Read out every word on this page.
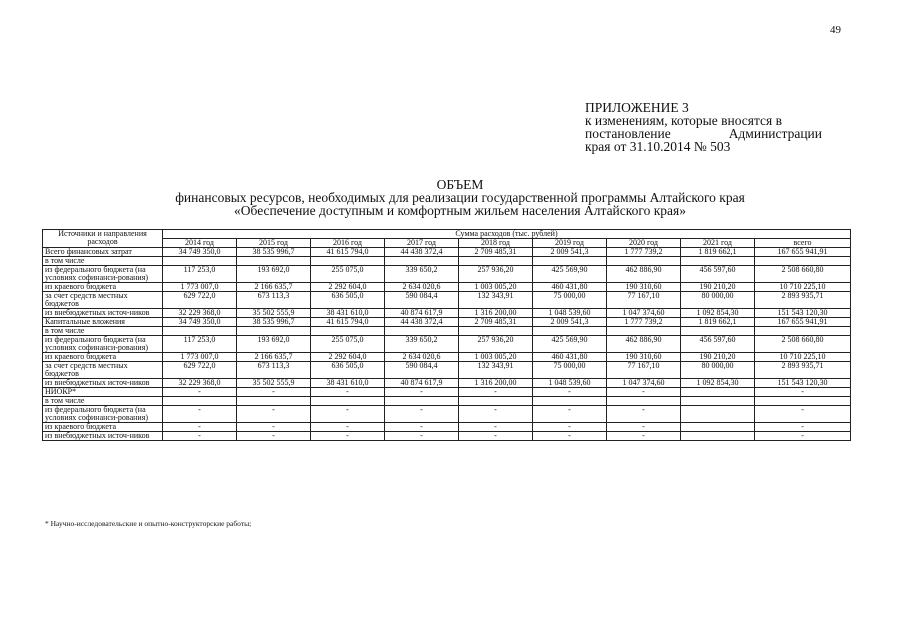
49
ПРИЛОЖЕНИЕ 3
к изменениям, которые вносятся в
постановление	Администрации
края от 31.10.2014 № 503
ОБЪЕМ
финансовых ресурсов, необходимых для реализации государственной программы Алтайского края
«Обеспечение доступным и комфортным жильем населения Алтайского края»
Источники и направления расходов	Сумма расходов (тыс. рублей)								
	2014 год	2015 год	2016 год	2017 год	2018 год	2019 год	2020 год	2021 год	всего
Всего финансовых затрат	34 749 350,0	38 535 996,7	41 615 794,0	44 438 372,4	2 709 485,31	2 009 541,3	1 777 739,2	1 819 662,1	167 655 941,91
в том числе									
из федерального бюджета (на условиях софинанси-рования)	117 253,0	193 692,0	255 075,0	339 650,2	257 936,20	425 569,90	462 886,90	456 597,60	2 508 660,80
из краевого бюджета	1 773 007,0	2 166 635,7	2 292 604,0	2 634 020,6	1 003 005,20	460 431,80	190 310,60	190 210,20	10 710 225,10
за счет средств местных бюджетов	629 722,0	673 113,3	636 505,0	590 084,4	132 343,91	75 000,00	77 167,10	80 000,00	2 893 935,71
из внебюджетных источ-ников	32 229 368,0	35 502 555,9	38 431 610,0	40 874 617,9	1 316 200,00	1 048 539,60	1 047 374,60	1 092 854,30	151 543 120,30
Капитальные вложения	34 749 350,0	38 535 996,7	41 615 794,0	44 438 372,4	2 709 485,31	2 009 541,3	1 777 739,2	1 819 662,1	167 655 941,91
в том числе									
из федерального бюджета (на условиях софинанси-рования)	117 253,0	193 692,0	255 075,0	339 650,2	257 936,20	425 569,90	462 886,90	456 597,60	2 508 660,80
из краевого бюджета	1 773 007,0	2 166 635,7	2 292 604,0	2 634 020,6	1 003 005,20	460 431,80	190 310,60	190 210,20	10 710 225,10
за счет средств местных бюджетов	629 722,0	673 113,3	636 505,0	590 084,4	132 343,91	75 000,00	77 167,10	80 000,00	2 893 935,71
из внебюджетных источ-ников	32 229 368,0	35 502 555,9	38 431 610,0	40 874 617,9	1 316 200,00	1 048 539,60	1 047 374,60	1 092 854,30	151 543 120,30
НИОКР*	-	-	-	-	-	-	-		-
в том числе									
из федерального бюджета (на условиях софинанси-рования)	-	-	-	-	-	-	-		-
из краевого бюджета	-	-	-	-	-	-	-		-
из внебюджетных источ-ников	-	-	-	-	-	-	-		-
* Научно-исследовательские и опытно-конструкторские работы;
